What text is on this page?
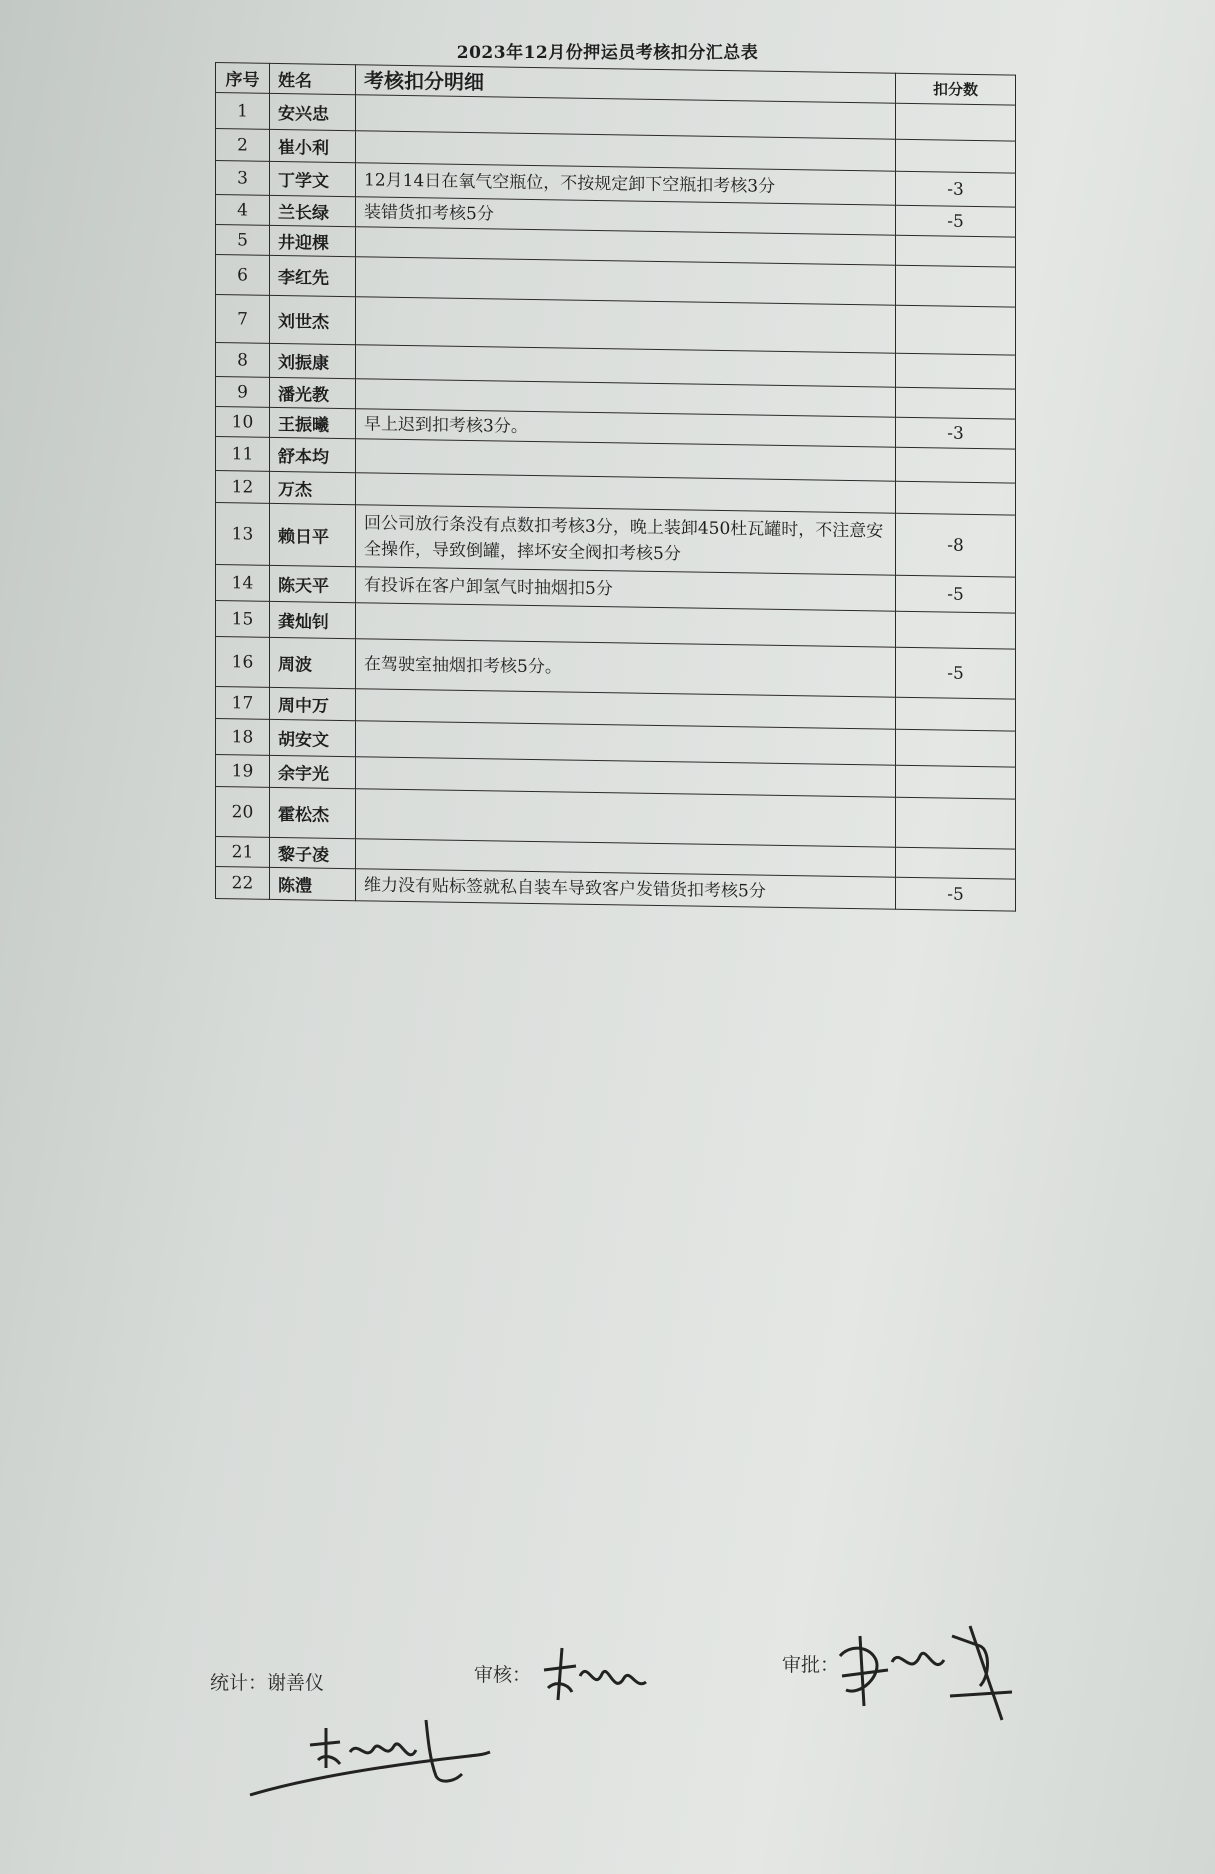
2023年12月份押运员考核扣分汇总表
序号	姓名	考核扣分明细	扣分数
1	安兴忠		
2	崔小利		
3	丁学文	12月14日在氧气空瓶位，不按规定卸下空瓶扣考核3分	-3
4	兰长绿	装错货扣考核5分	-5
5	井迎棵		
6	李红先		
7	刘世杰		
8	刘振康		
9	潘光教		
10	王振曦	早上迟到扣考核3分。	-3
11	舒本均		
12	万杰		
13	赖日平	回公司放行条没有点数扣考核3分，晚上装卸450杜瓦罐时，不注意安全操作，导致倒罐，摔坏安全阀扣考核5分	-8
14	陈天平	有投诉在客户卸氢气时抽烟扣5分	-5
15	龚灿钊		
16	周波	在驾驶室抽烟扣考核5分。	-5
17	周中万		
18	胡安文		
19	余宇光		
20	霍松杰		
21	黎子凌		
22	陈澧	维力没有贴标签就私自装车导致客户发错货扣考核5分	-5
统计：谢善仪	审核：	审批：
